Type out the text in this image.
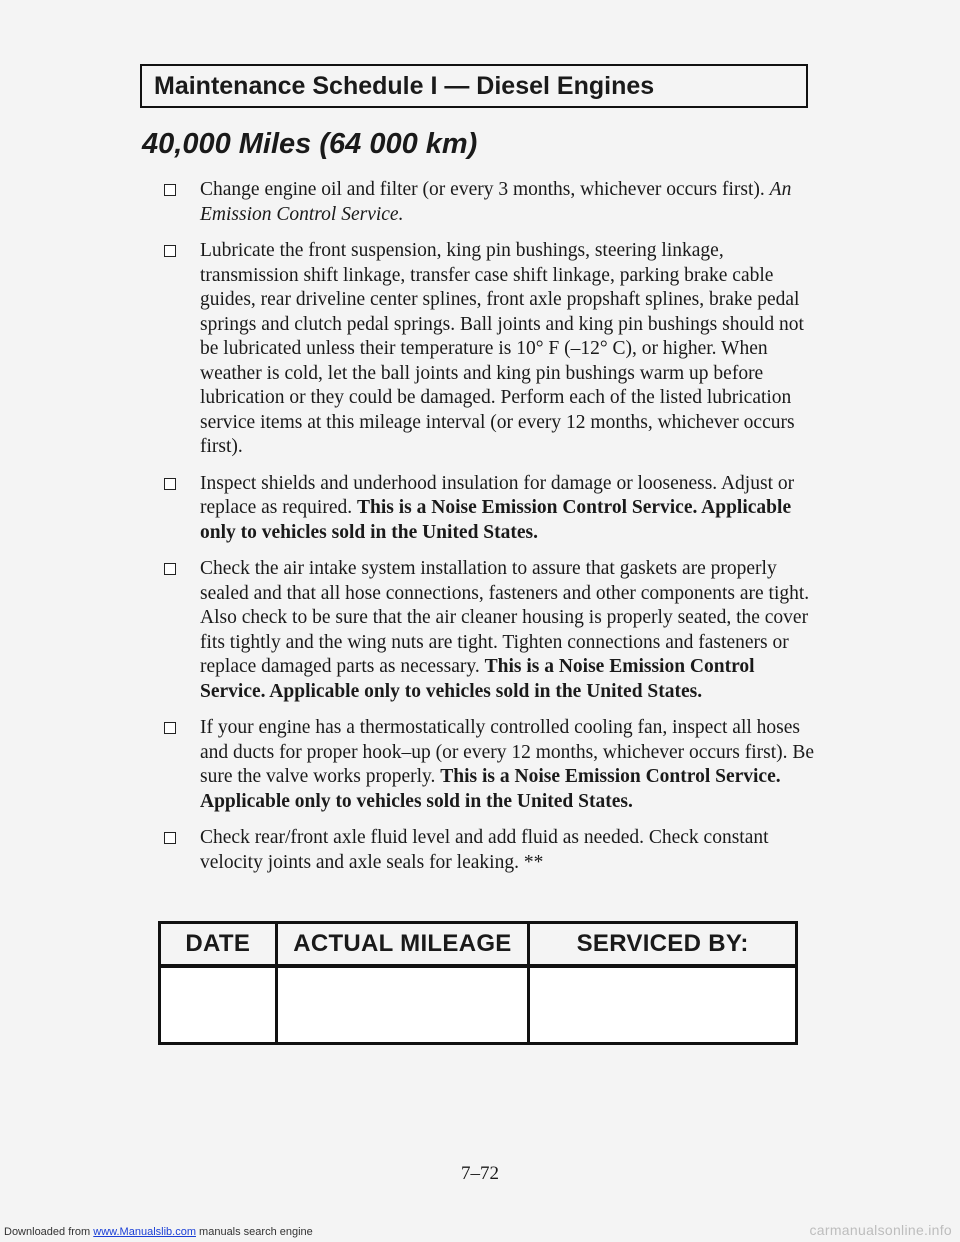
Maintenance Schedule I — Diesel Engines
40,000 Miles (64 000 km)
Change engine oil and filter (or every 3 months, whichever occurs first). An Emission Control Service.
Lubricate the front suspension, king pin bushings, steering linkage, transmission shift linkage, transfer case shift linkage, parking brake cable guides, rear driveline center splines, front axle propshaft splines, brake pedal springs and clutch pedal springs. Ball joints and king pin bushings should not be lubricated unless their temperature is 10° F (–12° C), or higher. When weather is cold, let the ball joints and king pin bushings warm up before lubrication or they could be damaged. Perform each of the listed lubrication service items at this mileage interval (or every 12 months, whichever occurs first).
Inspect shields and underhood insulation for damage or looseness. Adjust or replace as required. This is a Noise Emission Control Service. Applicable only to vehicles sold in the United States.
Check the air intake system installation to assure that gaskets are properly sealed and that all hose connections, fasteners and other components are tight. Also check to be sure that the air cleaner housing is properly seated, the cover fits tightly and the wing nuts are tight. Tighten connections and fasteners or replace damaged parts as necessary. This is a Noise Emission Control Service. Applicable only to vehicles sold in the United States.
If your engine has a thermostatically controlled cooling fan, inspect all hoses and ducts for proper hook–up (or every 12 months, whichever occurs first). Be sure the valve works properly. This is a Noise Emission Control Service. Applicable only to vehicles sold in the United States.
Check rear/front axle fluid level and add fluid as needed. Check constant velocity joints and axle seals for leaking. **
DATE	ACTUAL MILEAGE	SERVICED BY:

7–72
Downloaded from www.Manualslib.com manuals search engine	carmanualsonline.info
